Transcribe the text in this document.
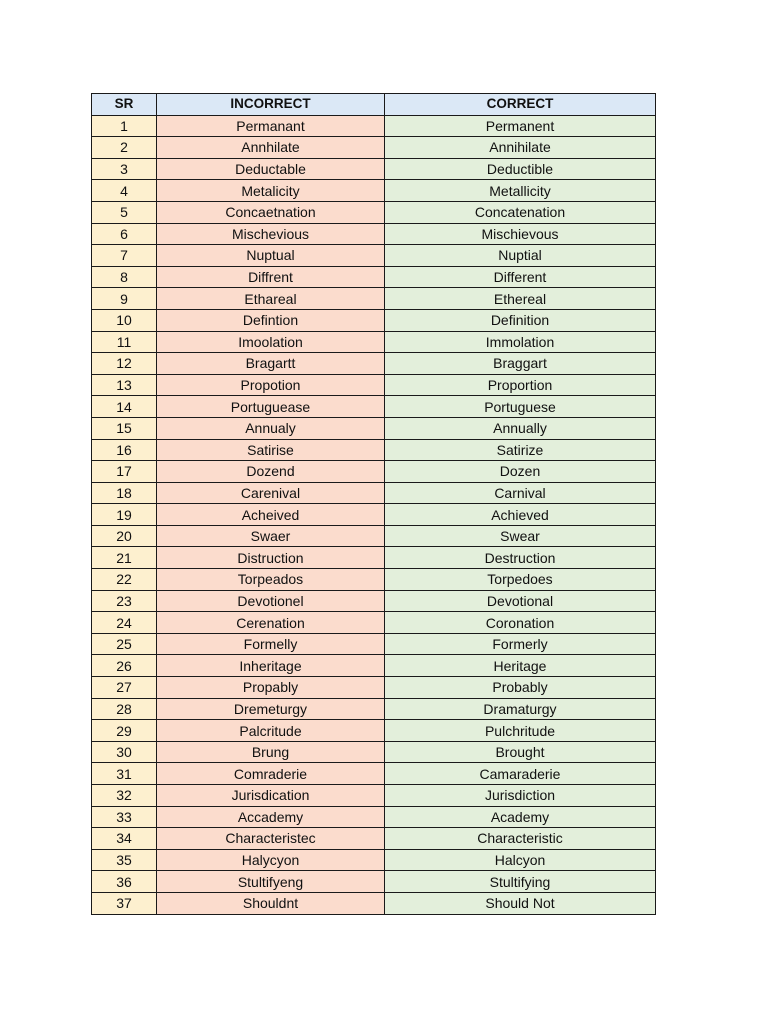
SR	INCORRECT	CORRECT
1	Permanant	Permanent
2	Annhilate	Annihilate
3	Deductable	Deductible
4	Metalicity	Metallicity
5	Concaetnation	Concatenation
6	Mischevious	Mischievous
7	Nuptual	Nuptial
8	Diffrent	Different
9	Ethareal	Ethereal
10	Defintion	Definition
11	Imoolation	Immolation
12	Bragartt	Braggart
13	Propotion	Proportion
14	Portuguease	Portuguese
15	Annualy	Annually
16	Satirise	Satirize
17	Dozend	Dozen
18	Carenival	Carnival
19	Acheived	Achieved
20	Swaer	Swear
21	Distruction	Destruction
22	Torpeados	Torpedoes
23	Devotionel	Devotional
24	Cerenation	Coronation
25	Formelly	Formerly
26	Inheritage	Heritage
27	Propably	Probably
28	Dremeturgy	Dramaturgy
29	Palcritude	Pulchritude
30	Brung	Brought
31	Comraderie	Camaraderie
32	Jurisdication	Jurisdiction
33	Accademy	Academy
34	Characteristec	Characteristic
35	Halycyon	Halcyon
36	Stultifyeng	Stultifying
37	Shouldnt	Should Not
